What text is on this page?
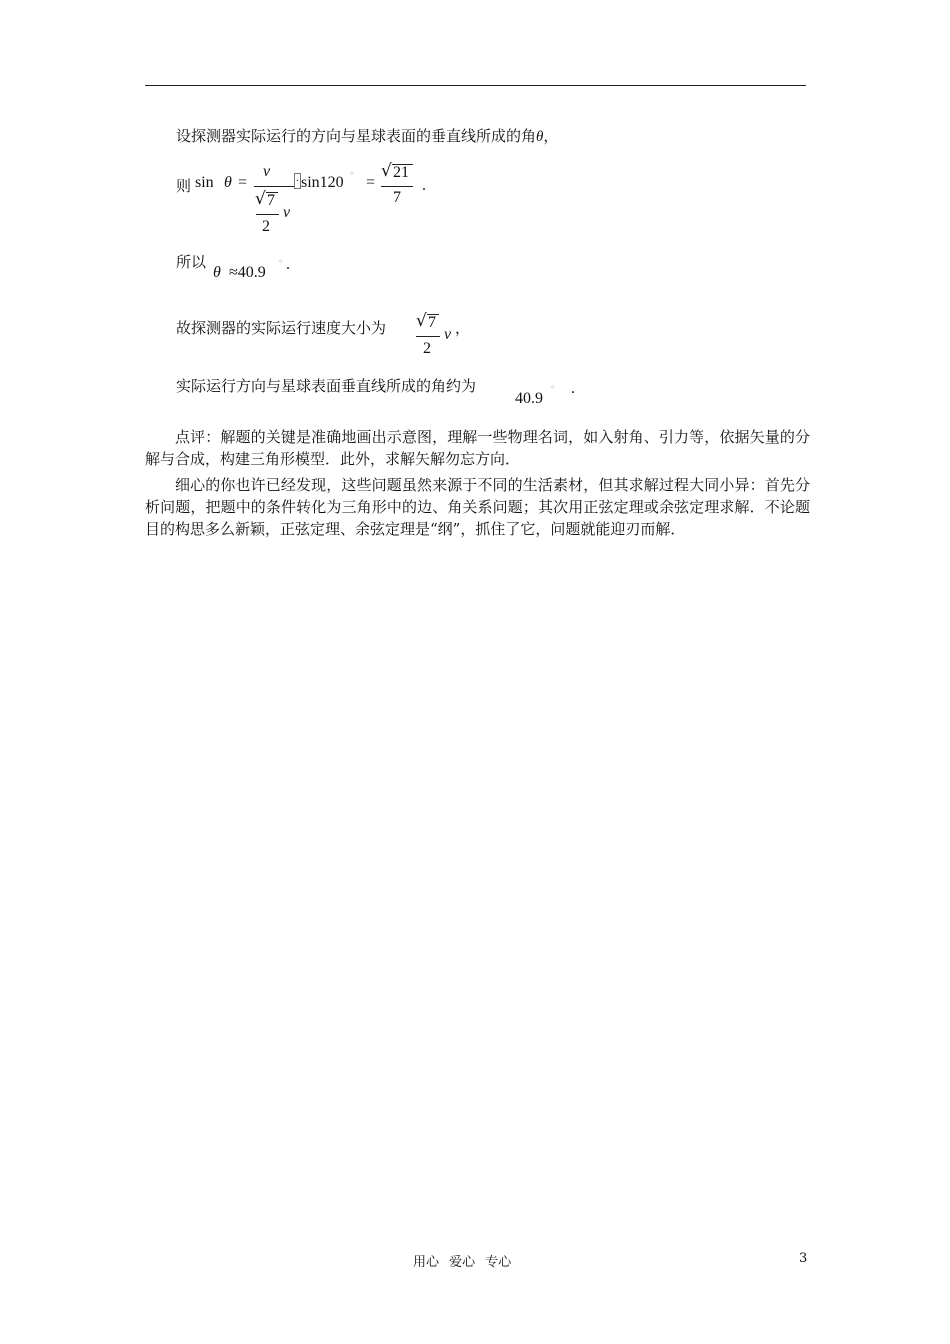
设探测器实际运行的方向与星球表面的垂直线所成的角θ，
则 sin θ =
v
√ 7
2
v
· sin120 ° =
√ 21
7
.
所以
θ ≈40.9
° .
故探测器的实际运行速度大小为 √ 7
2
v ，
实际运行方向与星球表面垂直线所成的角约为
40.9
° .
点评：解题的关键是准确地画出示意图，理解一些物理名词，如入射角、引力等，依据矢量的分解与合成，构建三角形模型．此外，求解矢解勿忘方向．
细心的你也许已经发现，这些问题虽然来源于不同的生活素材，但其求解过程大同小异：首先分析问题，把题中的条件转化为三角形中的边、角关系问题；其次用正弦定理或余弦定理求解．不论题目的构思多么新颖，正弦定理、余弦定理是“纲”，抓住了它，问题就能迎刃而解．
用心 爱心 专心	3
